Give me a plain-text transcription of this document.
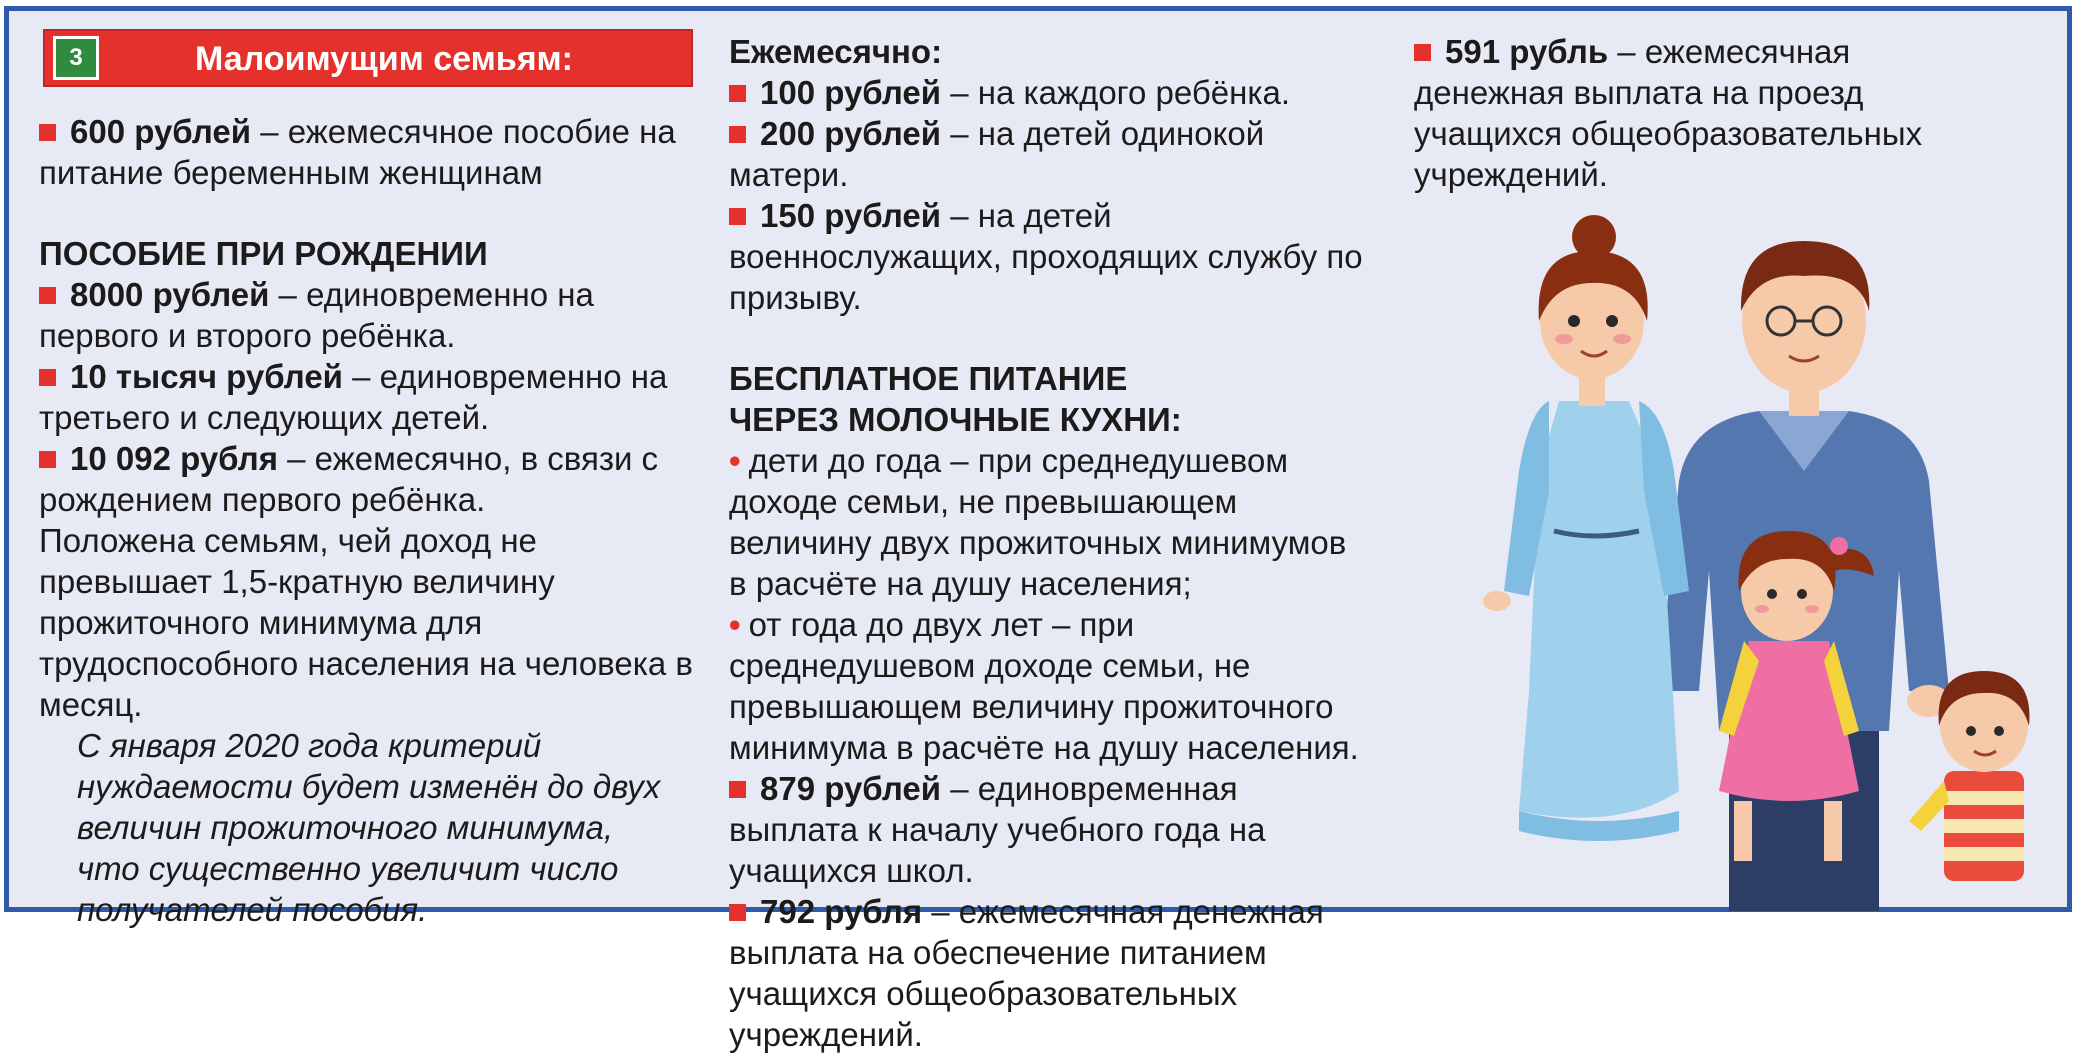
3	Малоимущим семьям:

600 рублей – ежемесячное пособие на питание беременным женщинам

ПОСОБИЕ ПРИ РОЖДЕНИИ

8000 рублей – единовременно на первого и второго ребёнка.

10 тысяч рублей – единовременно на третьего и следующих детей.

10 092 рубля – ежемесячно, в связи с рождением первого ребёнка.

Положена семьям, чей доход не превышает 1,5-кратную величину прожиточного минимума для трудоспособного населения на человека в месяц.

С января 2020 года критерий нуждаемости будет изменён до двух величин прожиточного минимума, что существенно увеличит число получателей пособия.

Ежемесячно:

100 рублей – на каждого ребёнка.

200 рублей – на детей одинокой матери.

150 рублей – на детей военнослужащих, проходящих службу по призыву.

БЕСПЛАТНОЕ ПИТАНИЕ

ЧЕРЕЗ МОЛОЧНЫЕ КУХНИ:

• дети до года – при среднедушевом доходе семьи, не превышающем величину двух прожиточных минимумов в расчёте на душу населения;

• от года до двух лет – при среднедушевом доходе семьи, не превышающем величину прожиточного минимума в расчёте на душу населения.

879 рублей – единовременная выплата к началу учебного года на учащихся школ.

792 рубля – ежемесячная денежная выплата на обеспечение питанием учащихся общеобразовательных учреждений.

591 рубль – ежемесячная денежная выплата на проезд учащихся общеобразовательных учреждений.
